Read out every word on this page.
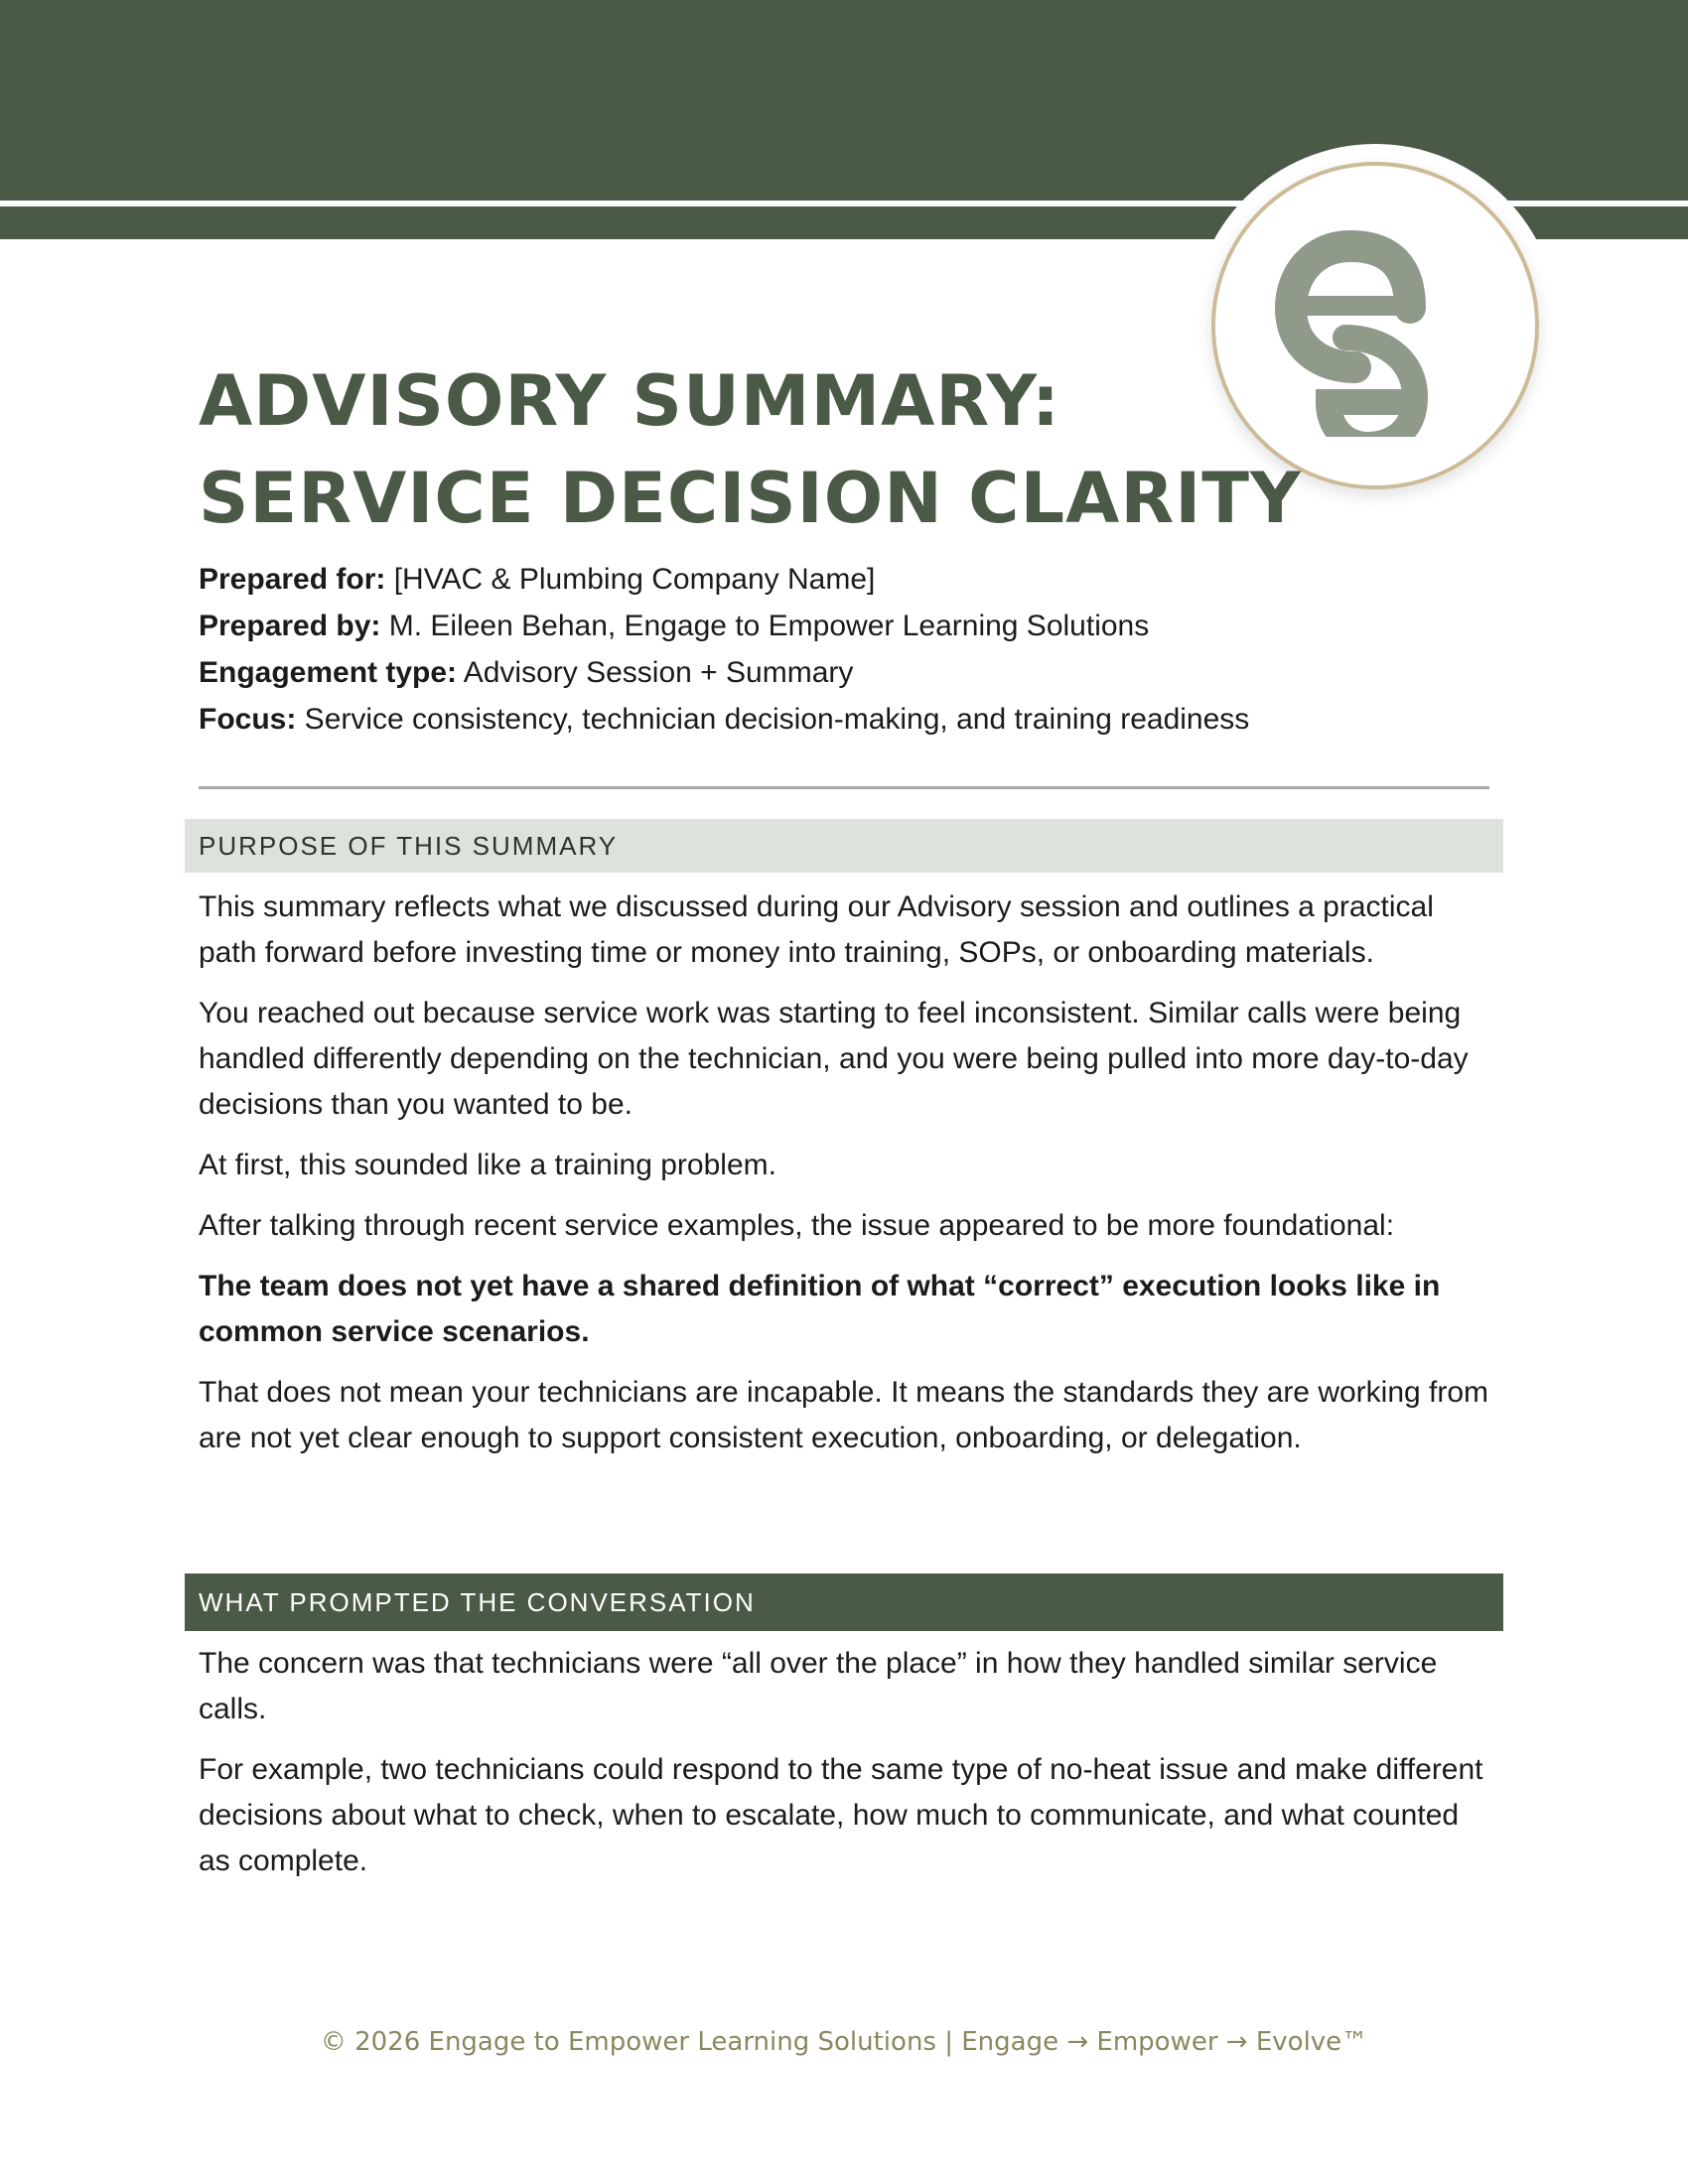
ADVISORY SUMMARY:
SERVICE DECISION CLARITY
Prepared for: [HVAC & Plumbing Company Name]
Prepared by: M. Eileen Behan, Engage to Empower Learning Solutions
Engagement type: Advisory Session + Summary
Focus: Service consistency, technician decision-making, and training readiness
PURPOSE OF THIS SUMMARY

This summary reflects what we discussed during our Advisory session and outlines a practical path forward before investing time or money into training, SOPs, or onboarding materials.

You reached out because service work was starting to feel inconsistent. Similar calls were being handled differently depending on the technician, and you were being pulled into more day-to-day decisions than you wanted to be.

At first, this sounded like a training problem.

After talking through recent service examples, the issue appeared to be more foundational:

The team does not yet have a shared definition of what “correct” execution looks like in common service scenarios.

That does not mean your technicians are incapable. It means the standards they are working from are not yet clear enough to support consistent execution, onboarding, or delegation.

WHAT PROMPTED THE CONVERSATION

The concern was that technicians were “all over the place” in how they handled similar service calls.

For example, two technicians could respond to the same type of no-heat issue and make different decisions about what to check, when to escalate, how much to communicate, and what counted as complete.

© 2026 Engage to Empower Learning Solutions | Engage → Empower → Evolve™
